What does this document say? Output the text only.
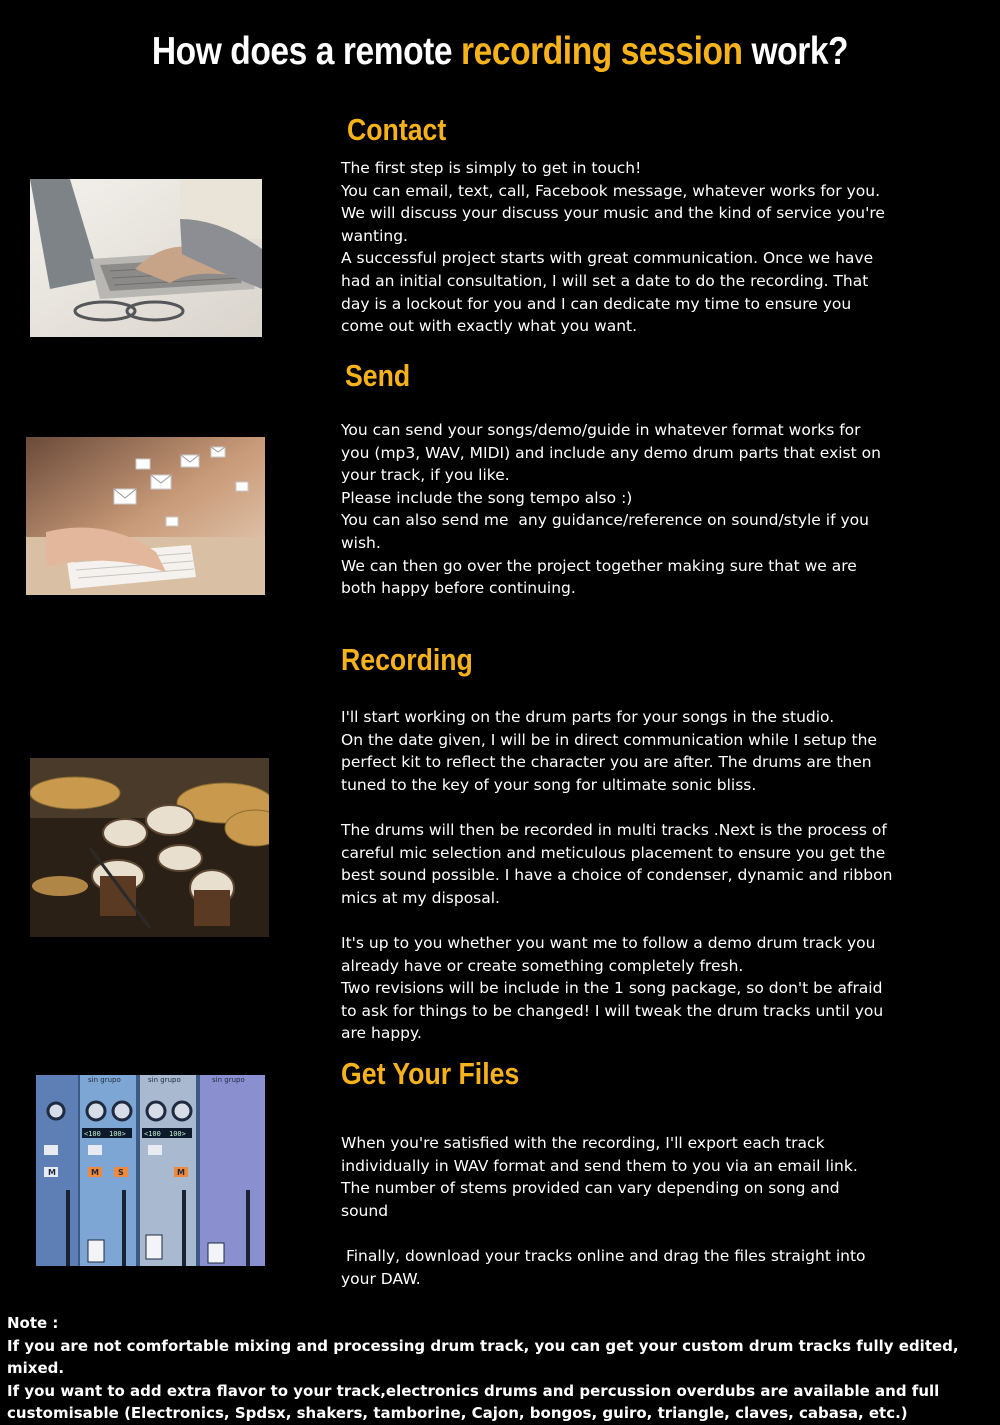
How does a remote recording session work?
Contact
The first step is simply to get in touch!
You can email, text, call, Facebook message, whatever works for you.
We will discuss your discuss your music and the kind of service you're
wanting.
A successful project starts with great communication. Once we have
had an initial consultation, I will set a date to do the recording. That
day is a lockout for you and I can dedicate my time to ensure you
come out with exactly what you want.
Send
You can send your songs/demo/guide in whatever format works for
you (mp3, WAV, MIDI) and include any demo drum parts that exist on
your track, if you like.
Please include the song tempo also :)
You can also send me  any guidance/reference on sound/style if you
wish.
We can then go over the project together making sure that we are
both happy before continuing.
Recording
I'll start working on the drum parts for your songs in the studio.
On the date given, I will be in direct communication while I setup the
perfect kit to reflect the character you are after. The drums are then
tuned to the key of your song for ultimate sonic bliss.

The drums will then be recorded in multi tracks .Next is the process of
careful mic selection and meticulous placement to ensure you get the
best sound possible. I have a choice of condenser, dynamic and ribbon
mics at my disposal.

It's up to you whether you want me to follow a demo drum track you
already have or create something completely fresh.
Two revisions will be include in the 1 song package, so don't be afraid
to ask for things to be changed! I will tweak the drum tracks until you
are happy.
Get Your Files
sin grupo	sin grupo	sin grupo
<100 100>	<100 100>
M	M S	M
When you're satisfied with the recording, I'll export each track
individually in WAV format and send them to you via an email link.
The number of stems provided can vary depending on song and
sound

Finally, download your tracks online and drag the files straight into
your DAW.
Note :
If you are not comfortable mixing and processing drum track, you can get your custom drum tracks fully edited, mixed.
If you want to add extra flavor to your track,electronics drums and percussion overdubs are available and full
customisable (Electronics, Spdsx, shakers, tamborine, Cajon, bongos, guiro, triangle, claves, cabasa, etc.)
